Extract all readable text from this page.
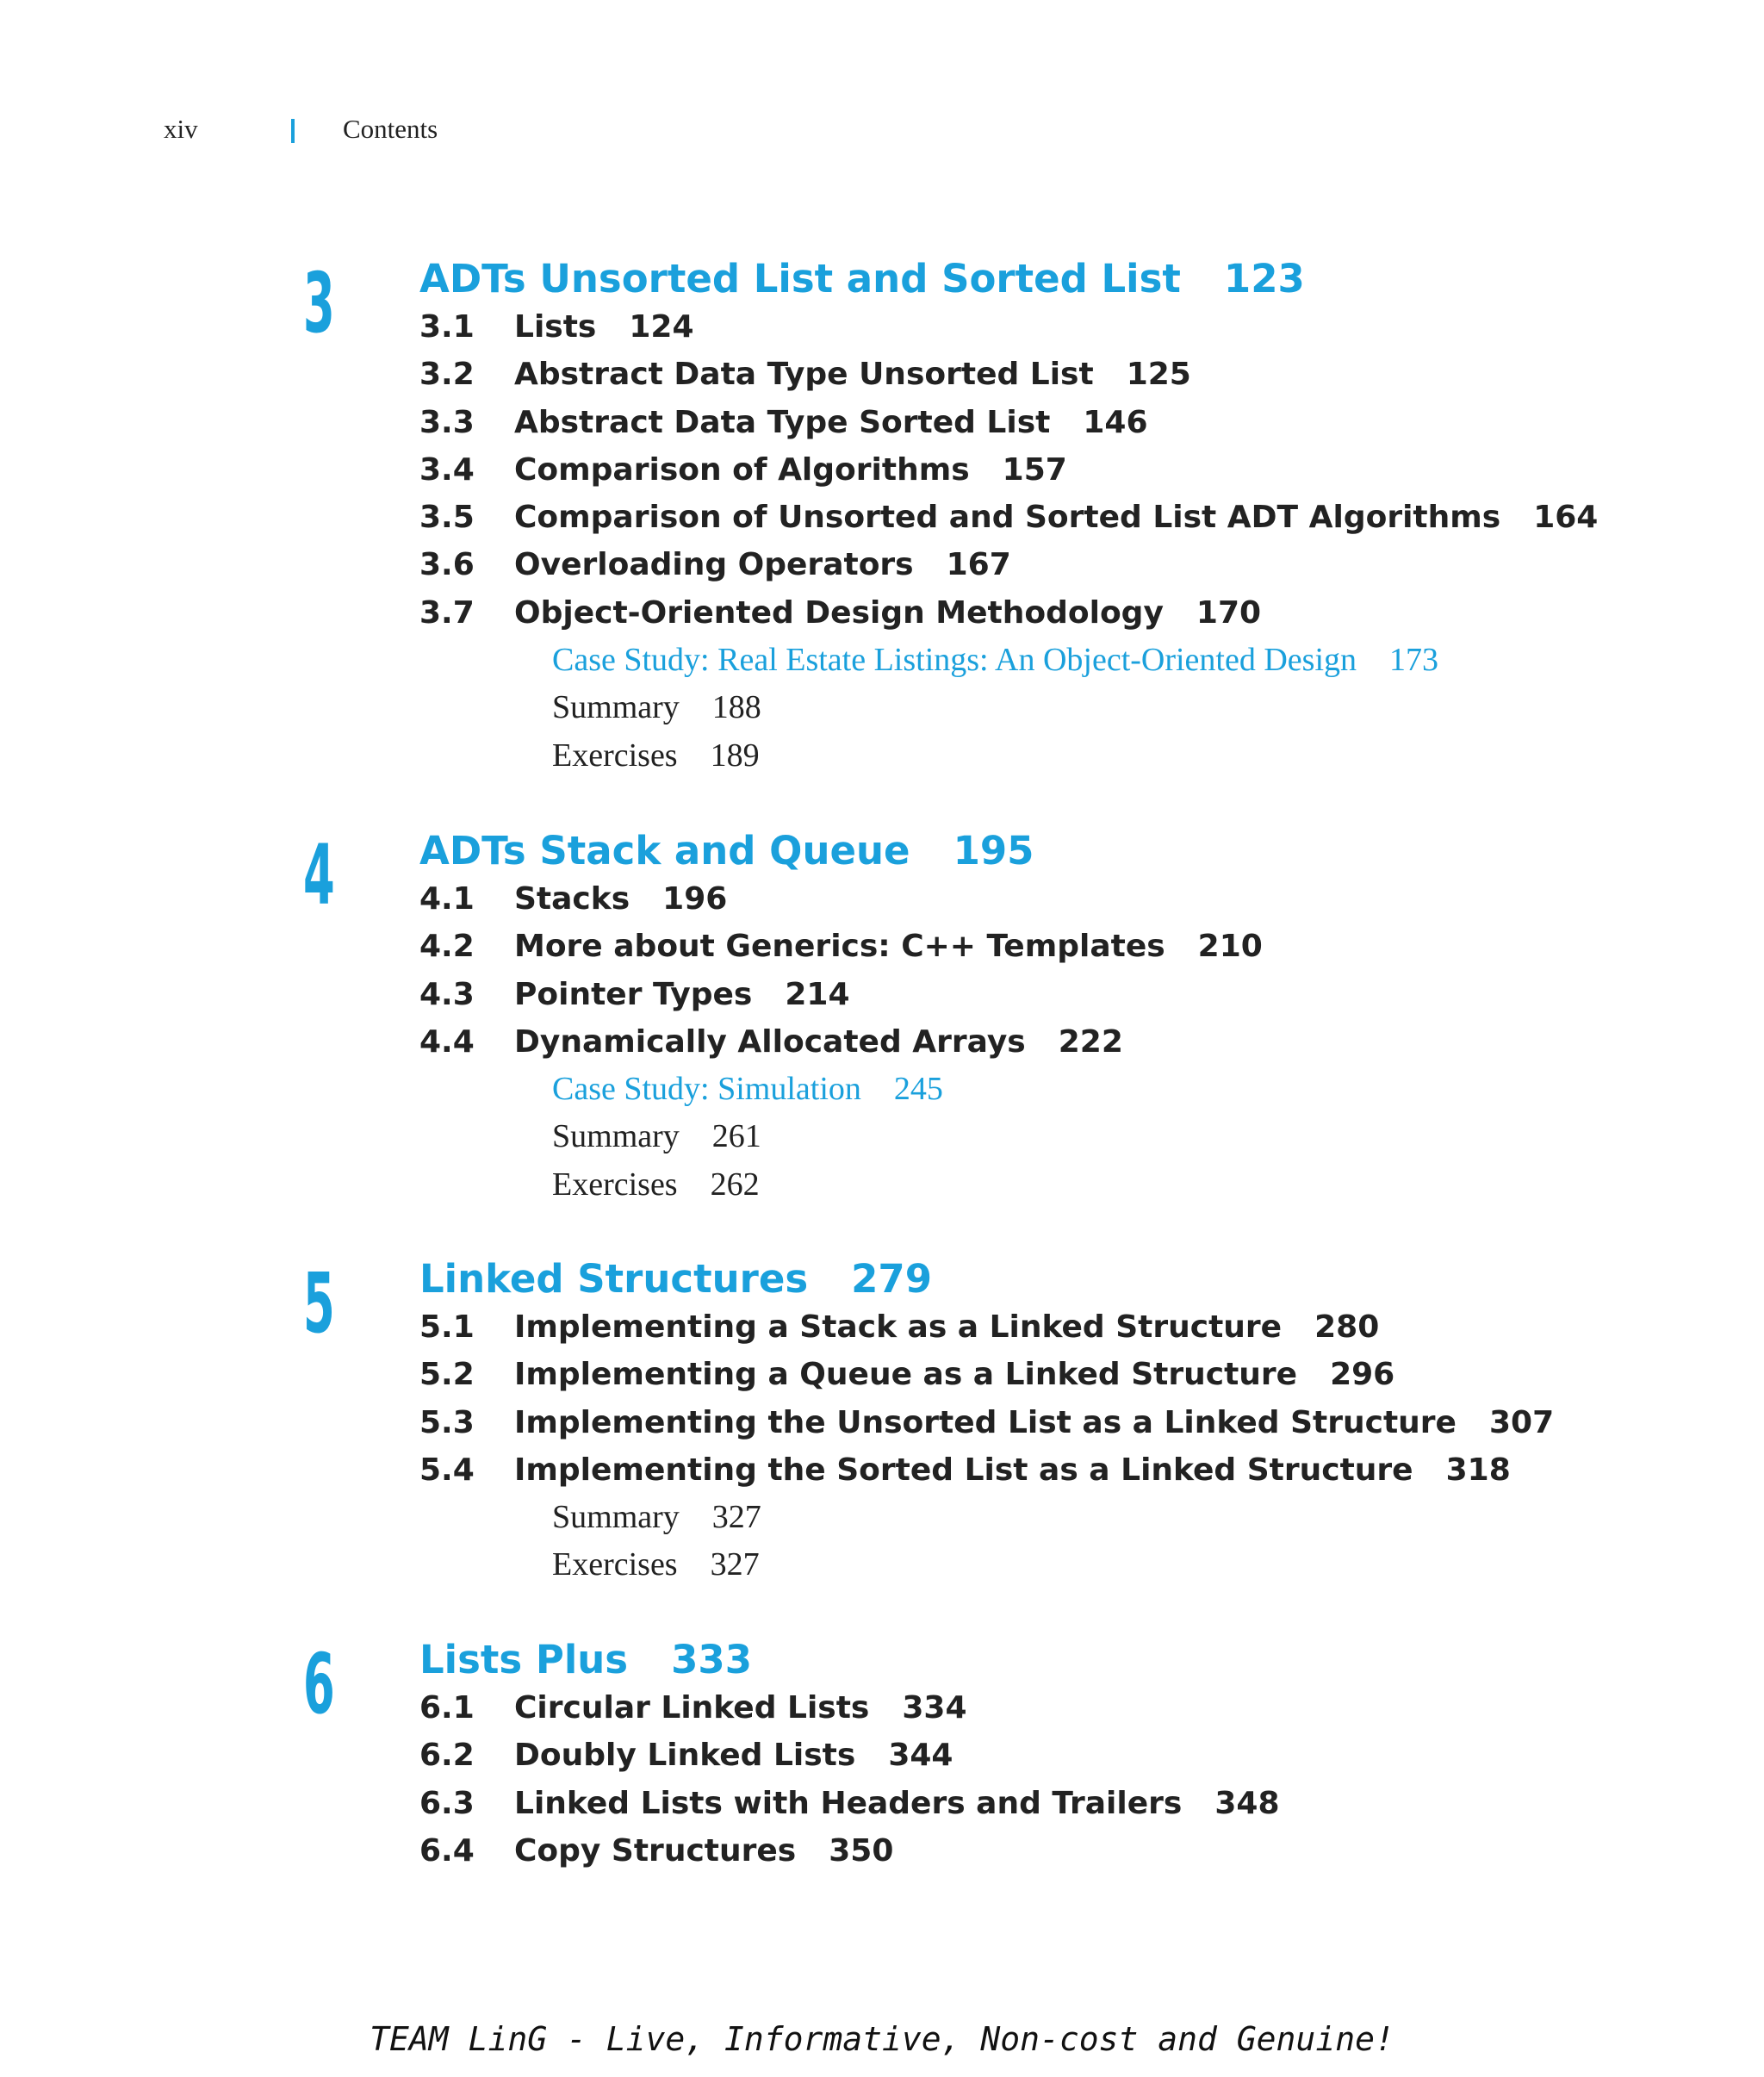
xiv	Contents
3 ADTs Unsorted List and Sorted List 123
3.1 Lists 124
3.2 Abstract Data Type Unsorted List 125
3.3 Abstract Data Type Sorted List 146
3.4 Comparison of Algorithms 157
3.5 Comparison of Unsorted and Sorted List ADT Algorithms 164
3.6 Overloading Operators 167
3.7 Object-Oriented Design Methodology 170
Case Study: Real Estate Listings: An Object-Oriented Design 173
Summary 188
Exercises 189
4 ADTs Stack and Queue 195
4.1 Stacks 196
4.2 More about Generics: C++ Templates 210
4.3 Pointer Types 214
4.4 Dynamically Allocated Arrays 222
Case Study: Simulation 245
Summary 261
Exercises 262
5 Linked Structures 279
5.1 Implementing a Stack as a Linked Structure 280
5.2 Implementing a Queue as a Linked Structure 296
5.3 Implementing the Unsorted List as a Linked Structure 307
5.4 Implementing the Sorted List as a Linked Structure 318
Summary 327
Exercises 327
6 Lists Plus 333
6.1 Circular Linked Lists 334
6.2 Doubly Linked Lists 344
6.3 Linked Lists with Headers and Trailers 348
6.4 Copy Structures 350
TEAM LinG - Live, Informative, Non-cost and Genuine!
